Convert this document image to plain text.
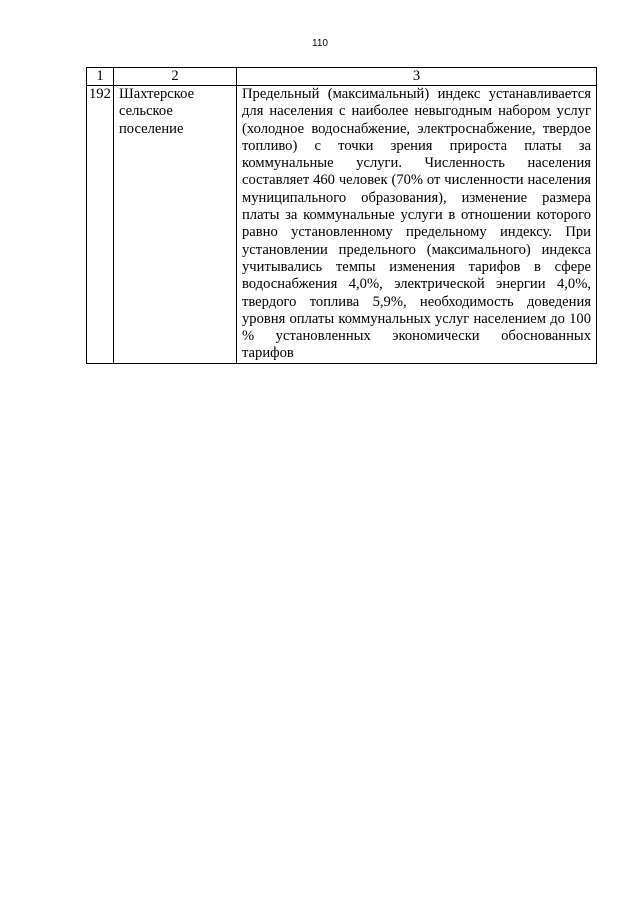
110
1	2	3
192	Шахтерское сельское поселение	Предельный (максимальный) индекс устанавливается для населения с наиболее невыгодным набором услуг (холодное водоснабжение, электроснабжение, твердое топливо) с точки зрения прироста платы за коммунальные услуги. Численность населения составляет 460 человек (70% от численности населения муниципального образования), изменение размера платы за коммунальные услуги в отношении которого равно установленному предельному индексу. При установлении предельного (максимального) индекса учитывались темпы изменения тарифов в сфере водоснабжения 4,0%, электрической энергии 4,0%, твердого топлива 5,9%, необходимость доведения уровня оплаты коммунальных услуг населением до 100 % установленных экономически обоснованных тарифов
